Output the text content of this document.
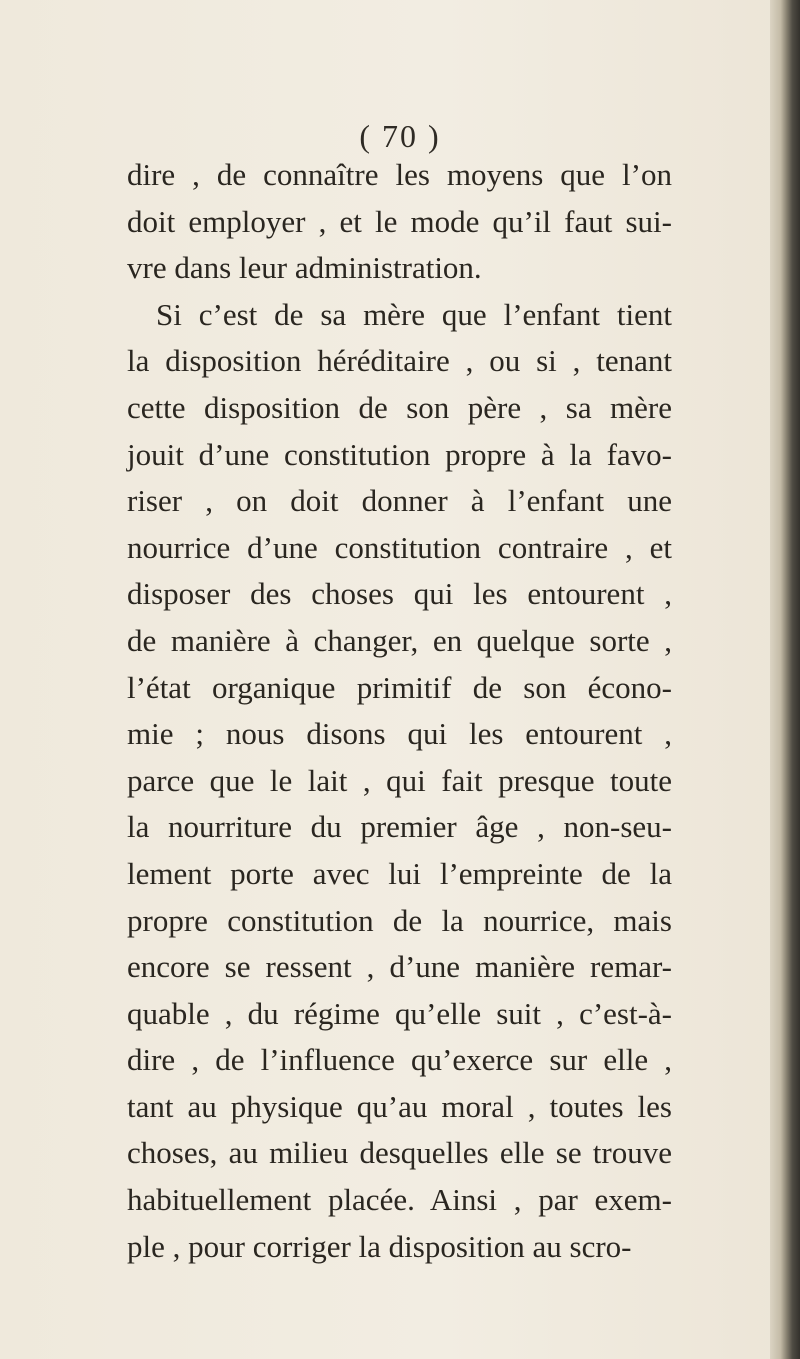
( 70 )
dire , de connaître les moyens que l’on
doit employer , et le mode qu’il faut sui-
vre dans leur administration.
Si c’est de sa mère que l’enfant tient
la disposition héréditaire , ou si , tenant
cette disposition de son père , sa mère
jouit d’une constitution propre à la favo-
riser , on doit donner à l’enfant une
nourrice d’une constitution contraire , et
disposer des choses qui les entourent ,
de manière à changer, en quelque sorte ,
l’état organique primitif de son écono-
mie ; nous disons qui les entourent ,
parce que le lait , qui fait presque toute
la nourriture du premier âge , non-seu-
lement porte avec lui l’empreinte de la
propre constitution de la nourrice, mais
encore se ressent , d’une manière remar-
quable , du régime qu’elle suit , c’est-à-
dire , de l’influence qu’exerce sur elle ,
tant au physique qu’au moral , toutes les
choses, au milieu desquelles elle se trouve
habituellement placée. Ainsi , par exem-
ple , pour corriger la disposition au scro-
